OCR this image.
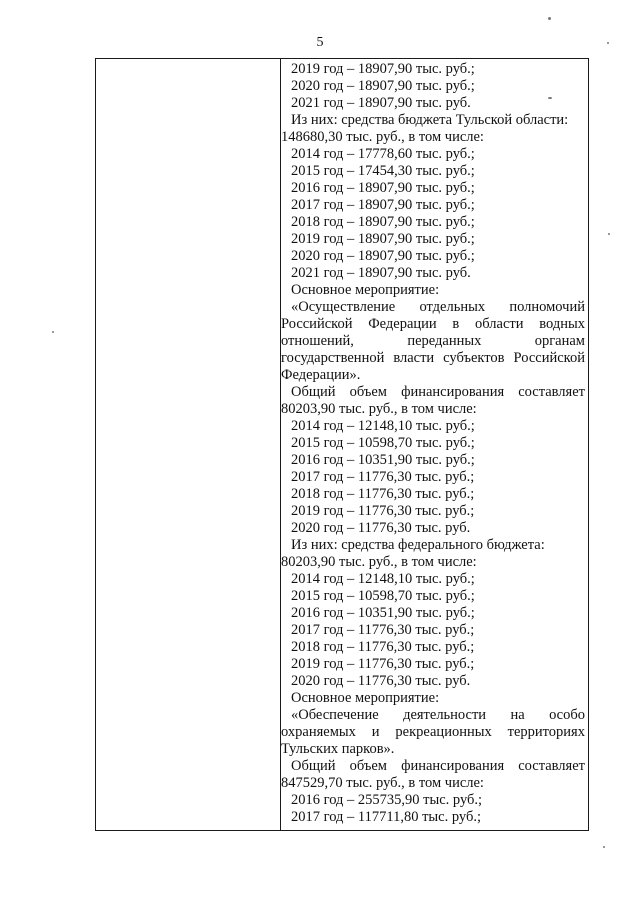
5
2019 год – 18907,90 тыс. руб.;
2020 год – 18907,90 тыс. руб.;
2021 год – 18907,90 тыс. руб.
Из них: средства бюджета Тульской области:
148680,30 тыс. руб., в том числе:
2014 год – 17778,60 тыс. руб.;
2015 год – 17454,30 тыс. руб.;
2016 год – 18907,90 тыс. руб.;
2017 год – 18907,90 тыс. руб.;
2018 год – 18907,90 тыс. руб.;
2019 год – 18907,90 тыс. руб.;
2020 год – 18907,90 тыс. руб.;
2021 год – 18907,90 тыс. руб.
Основное мероприятие:
«Осуществление отдельных полномочий
Российской Федерации в области водных
отношений,	переданных	органам
государственной власти субъектов Российской
Федерации».
Общий объем финансирования составляет
80203,90 тыс. руб., в том числе:
2014 год – 12148,10 тыс. руб.;
2015 год – 10598,70 тыс. руб.;
2016 год – 10351,90 тыс. руб.;
2017 год – 11776,30 тыс. руб.;
2018 год – 11776,30 тыс. руб.;
2019 год – 11776,30 тыс. руб.;
2020 год – 11776,30 тыс. руб.
Из них: средства федерального бюджета:
80203,90 тыс. руб., в том числе:
2014 год – 12148,10 тыс. руб.;
2015 год – 10598,70 тыс. руб.;
2016 год – 10351,90 тыс. руб.;
2017 год – 11776,30 тыс. руб.;
2018 год – 11776,30 тыс. руб.;
2019 год – 11776,30 тыс. руб.;
2020 год – 11776,30 тыс. руб.
Основное мероприятие:
«Обеспечение деятельности на особо
охраняемых и рекреационных территориях
Тульских парков».
Общий объем финансирования составляет
847529,70 тыс. руб., в том числе:
2016 год – 255735,90 тыс. руб.;
2017 год – 117711,80 тыс. руб.;
